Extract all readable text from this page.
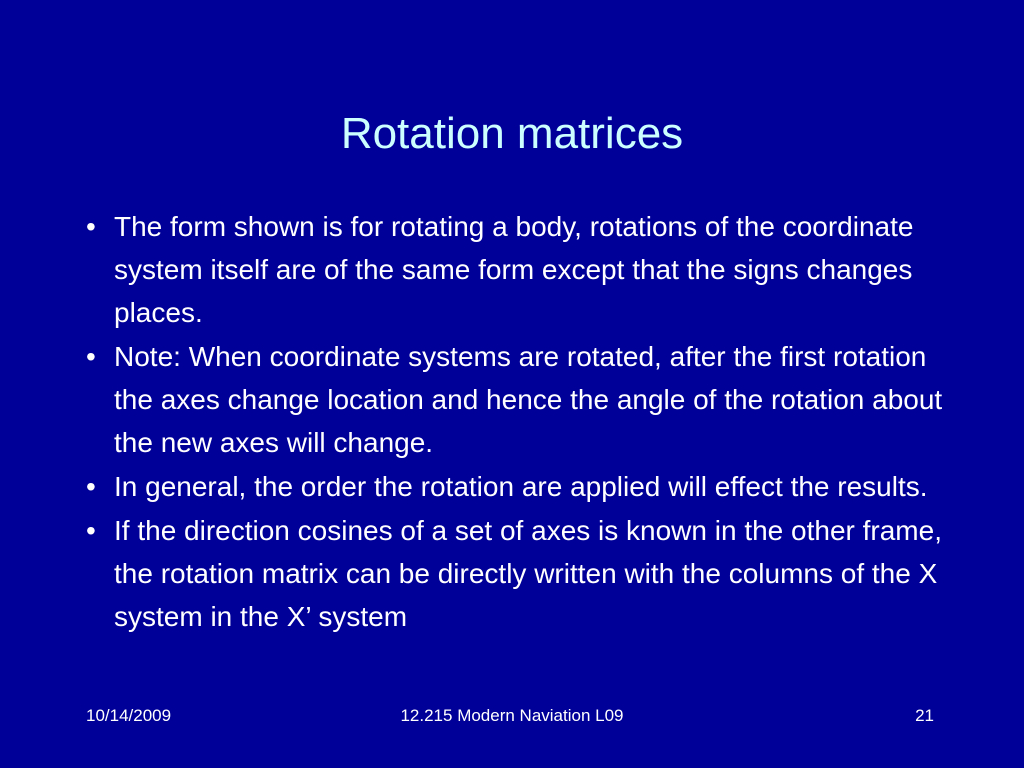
Rotation matrices
• The form shown is for rotating a body, rotations of the coordinate system itself are of the same form except that the signs changes places.
• Note: When coordinate systems are rotated, after the first rotation the axes change location and hence the angle of the rotation about the new axes will change.
• In general, the order the rotation are applied will effect the results.
• If the direction cosines of a set of axes is known in the other frame, the rotation matrix can be directly written with the columns of the X system in the X’ system
10/14/2009	12.215 Modern Naviation L09	21
